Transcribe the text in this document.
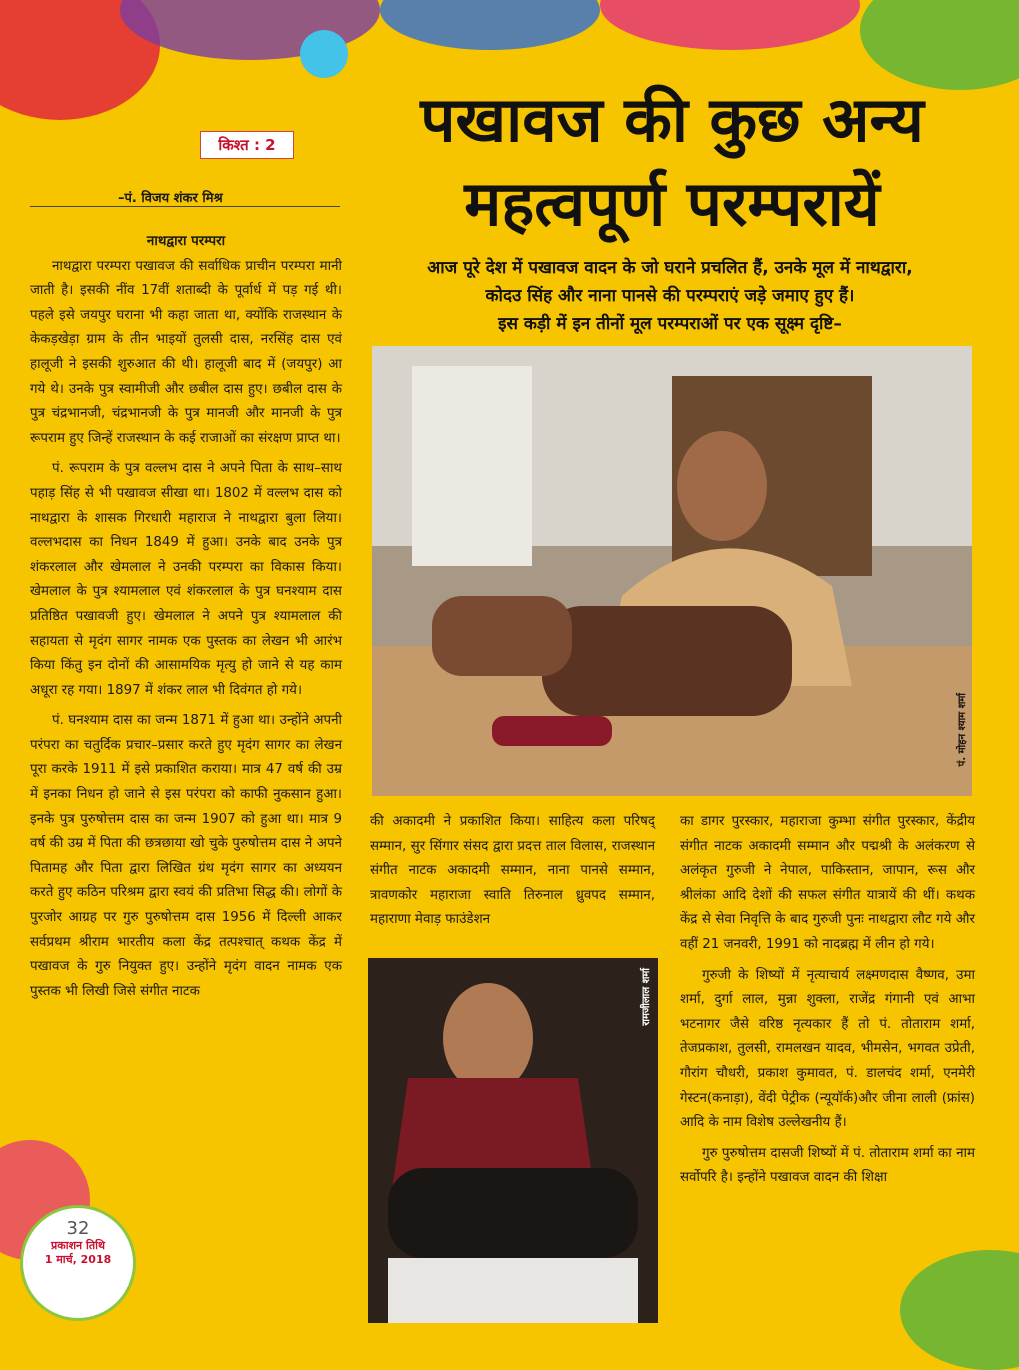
किश्त : 2
–पं. विजय शंकर मिश्र
पखावज की कुछ अन्य
महत्वपूर्ण परम्परायें
आज पूरे देश में पखावज वादन के जो घराने प्रचलित हैं, उनके मूल में नाथद्वारा,
कोदउ सिंह और नाना पानसे की परम्पराएं जड़े जमाए हुए हैं।
इस कड़ी में इन तीनों मूल परम्पराओं पर एक सूक्ष्म दृष्टि–
नाथद्वारा परम्परा

नाथद्वारा परम्परा पखावज की सर्वाधिक प्राचीन परम्परा मानी जाती है। इसकी नींव 17वीं शताब्दी के पूर्वार्ध में पड़ गई थी। पहले इसे जयपुर घराना भी कहा जाता था, क्योंकि राजस्थान के केकड़खेड़ा ग्राम के तीन भाइयों तुलसी दास, नरसिंह दास एवं हालूजी ने इसकी शुरुआत की थी। हालूजी बाद में (जयपुर) आ गये थे। उनके पुत्र स्वामीजी और छबील दास हुए। छबील दास के पुत्र चंद्रभानजी, चंद्रभानजी के पुत्र मानजी और मानजी के पुत्र रूपराम हुए जिन्हें राजस्थान के कई राजाओं का संरक्षण प्राप्त था।

पं. रूपराम के पुत्र वल्लभ दास ने अपने पिता के साथ–साथ पहाड़ सिंह से भी पखावज सीखा था। 1802 में वल्लभ दास को नाथद्वारा के शासक गिरधारी महाराज ने नाथद्वारा बुला लिया। वल्लभदास का निधन 1849 में हुआ। उनके बाद उनके पुत्र शंकरलाल और खेमलाल ने उनकी परम्परा का विकास किया। खेमलाल के पुत्र श्यामलाल एवं शंकरलाल के पुत्र घनश्याम दास प्रतिष्ठित पखावजी हुए। खेमलाल ने अपने पुत्र श्यामलाल की सहायता से मृदंग सागर नामक एक पुस्तक का लेखन भी आरंभ किया किंतु इन दोनों की आसामयिक मृत्यु हो जाने से यह काम अधूरा रह गया। 1897 में शंकर लाल भी दिवंगत हो गये।

पं. घनश्याम दास का जन्म 1871 में हुआ था। उन्होंने अपनी परंपरा का चतुर्दिक प्रचार–प्रसार करते हुए मृदंग सागर का लेखन पूरा करके 1911 में इसे प्रकाशित कराया। मात्र 47 वर्ष की उम्र में इनका निधन हो जाने से इस परंपरा को काफी नुकसान हुआ। इनके पुत्र पुरुषोत्तम दास का जन्म 1907 को हुआ था। मात्र 9 वर्ष की उम्र में पिता की छत्रछाया खो चुके पुरुषोत्तम दास ने अपने पितामह और पिता द्वारा लिखित ग्रंथ मृदंग सागर का अध्ययन करते हुए कठिन परिश्रम द्वारा स्वयं की प्रतिभा सिद्ध की। लोगों के पुरजोर आग्रह पर गुरु पुरुषोत्तम दास 1956 में दिल्ली आकर सर्वप्रथम श्रीराम भारतीय कला केंद्र तत्पश्चात् कथक केंद्र में पखावज के गुरु नियुक्त हुए। उन्होंने मृदंग वादन नामक एक पुस्तक भी लिखी जिसे संगीत नाटक

पं. मोहन श्याम शर्मा

की अकादमी ने प्रकाशित किया। साहित्य कला परिषद् सम्मान, सुर सिंगार संसद द्वारा प्रदत्त ताल विलास, राजस्थान संगीत नाटक अकादमी सम्मान, नाना पानसे सम्मान, त्रावणकोर महाराजा स्वाति तिरुनाल ध्रुवपद सम्मान, महाराणा मेवाड़ फाउंडेशन

रामजीलाल शर्मा

का डागर पुरस्कार, महाराजा कुम्भा संगीत पुरस्कार, केंद्रीय संगीत नाटक अकादमी सम्मान और पद्मश्री के अलंकरण से अलंकृत गुरुजी ने नेपाल, पाकिस्तान, जापान, रूस और श्रीलंका आदि देशों की सफल संगीत यात्रायें की थीं। कथक केंद्र से सेवा निवृत्ति के बाद गुरुजी पुनः नाथद्वारा लौट गये और वहीं 21 जनवरी, 1991 को नादब्रह्म में लीन हो गये।

गुरुजी के शिष्यों में नृत्याचार्य लक्ष्मणदास वैष्णव, उमा शर्मा, दुर्गा लाल, मुन्ना शुक्ला, राजेंद्र गंगानी एवं आभा भटनागर जैसे वरिष्ठ नृत्यकार हैं तो पं. तोताराम शर्मा, तेजप्रकाश, तुलसी, रामलखन यादव, भीमसेन, भगवत उप्रेती, गौरांग चौधरी, प्रकाश कुमावत, पं. डालचंद शर्मा, एनमेरी गेस्टन(कनाड़ा), वेंदी पेट्रीक (न्यूयॉर्क)और जीना लाली (फ्रांस) आदि के नाम विशेष उल्लेखनीय हैं।

गुरु पुरुषोत्तम दासजी शिष्यों में पं. तोताराम शर्मा का नाम सर्वोपरि है। इन्होंने पखावज वादन की शिक्षा

32
प्रकाशन तिथि
1 मार्च, 2018
